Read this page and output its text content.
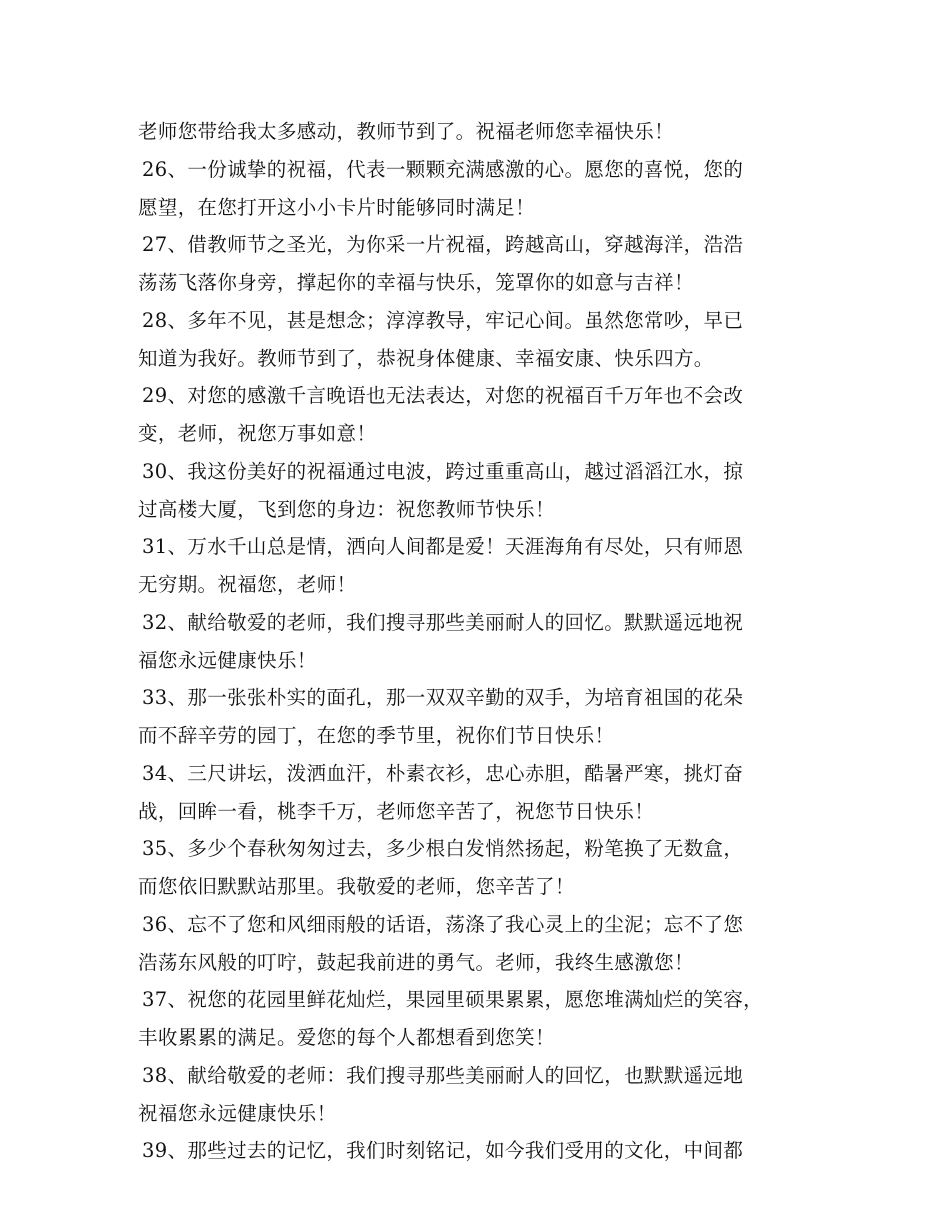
老师您带给我太多感动，教师节到了。祝福老师您幸福快乐！
26、一份诚挚的祝福，代表一颗颗充满感激的心。愿您的喜悦，您的
愿望，在您打开这小小卡片时能够同时满足！
27、借教师节之圣光，为你采一片祝福，跨越高山，穿越海洋，浩浩
荡荡飞落你身旁，撑起你的幸福与快乐，笼罩你的如意与吉祥！
28、多年不见，甚是想念；淳淳教导，牢记心间。虽然您常吵，早已
知道为我好。教师节到了，恭祝身体健康、幸福安康、快乐四方。
29、对您的感激千言晚语也无法表达，对您的祝福百千万年也不会改
变，老师，祝您万事如意！
30、我这份美好的祝福通过电波，跨过重重高山，越过滔滔江水，掠
过高楼大厦，飞到您的身边：祝您教师节快乐！
31、万水千山总是情，洒向人间都是爱！天涯海角有尽处，只有师恩
无穷期。祝福您，老师！
32、献给敬爱的老师，我们搜寻那些美丽耐人的回忆。默默遥远地祝
福您永远健康快乐！
33、那一张张朴实的面孔，那一双双辛勤的双手，为培育祖国的花朵
而不辞辛劳的园丁，在您的季节里，祝你们节日快乐！
34、三尺讲坛，泼洒血汗，朴素衣衫，忠心赤胆，酷暑严寒，挑灯奋
战，回眸一看，桃李千万，老师您辛苦了，祝您节日快乐！
35、多少个春秋匆匆过去，多少根白发悄然扬起，粉笔换了无数盒，
而您依旧默默站那里。我敬爱的老师，您辛苦了！
36、忘不了您和风细雨般的话语，荡涤了我心灵上的尘泥；忘不了您
浩荡东风般的叮咛，鼓起我前进的勇气。老师，我终生感激您！
37、祝您的花园里鲜花灿烂，果园里硕果累累，愿您堆满灿烂的笑容，
丰收累累的满足。爱您的每个人都想看到您笑！
38、献给敬爱的老师：我们搜寻那些美丽耐人的回忆，也默默遥远地
祝福您永远健康快乐！
39、那些过去的记忆，我们时刻铭记，如今我们受用的文化，中间都
